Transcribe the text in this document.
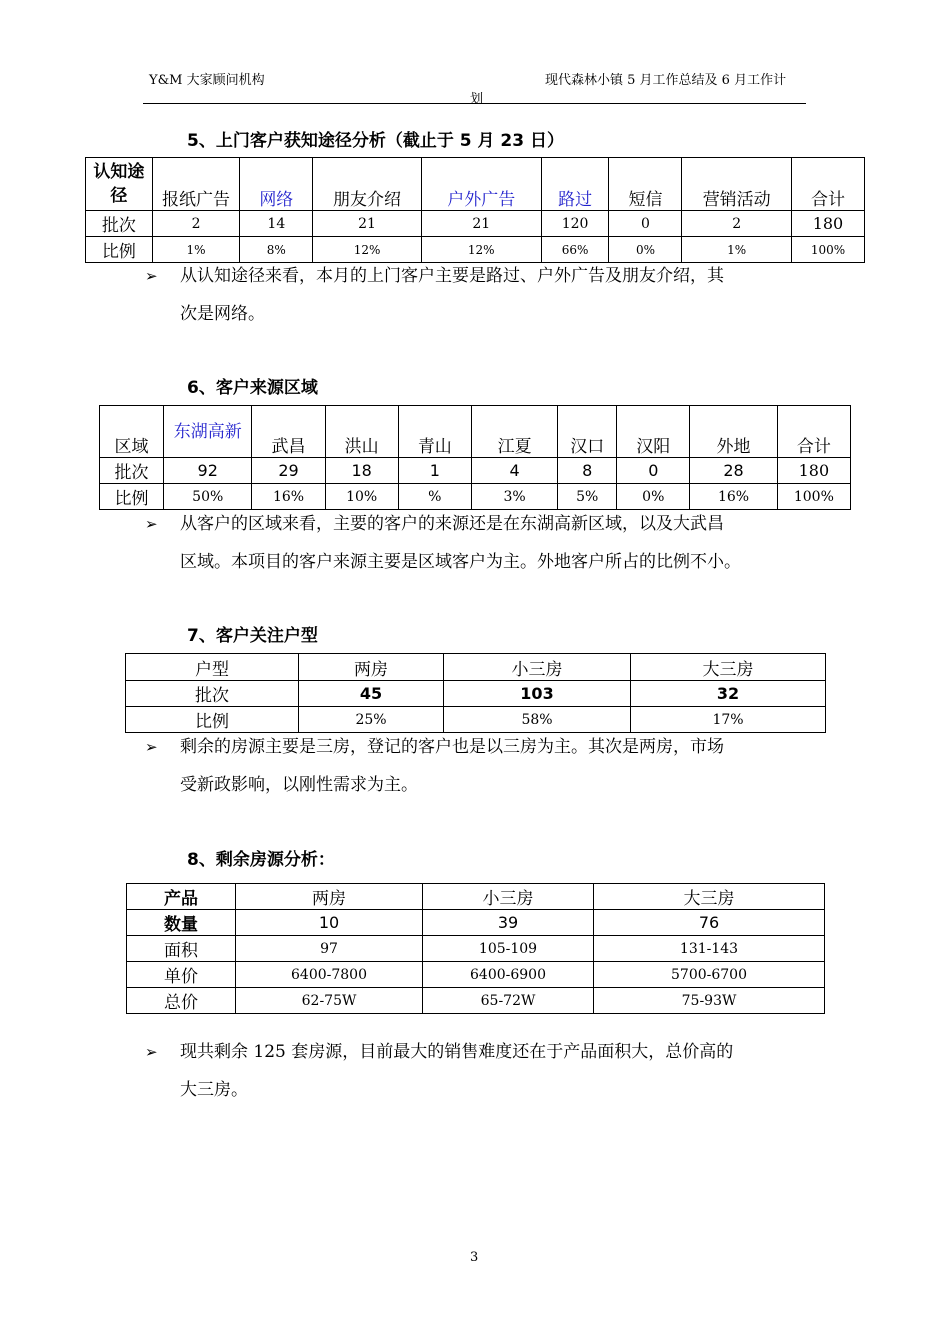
Y&M 大家顾问机构	现代森林小镇 5 月工作总结及 6 月工作计
划
5、上门客户获知途径分析（截止于 5 月 23 日）
认知途径	报纸广告	网络	朋友介绍	户外广告	路过	短信	营销活动	合计
批次	2	14	21	21	120	0	2	180
比例	1%	8%	12%	12%	66%	0%	1%	100%
➢ 从认知途径来看，本月的上门客户主要是路过、户外广告及朋友介绍，其
次是网络。
6、客户来源区域
区域	东湖高新	武昌	洪山	青山	江夏	汉口	汉阳	外地	合计
批次	92	29	18	1	4	8	0	28	180
比例	50%	16%	10%	%	3%	5%	0%	16%	100%
➢ 从客户的区域来看，主要的客户的来源还是在东湖高新区域，以及大武昌
区域。本项目的客户来源主要是区域客户为主。外地客户所占的比例不小。
7、客户关注户型
户型	两房	小三房	大三房
批次	45	103	32
比例	25%	58%	17%
➢ 剩余的房源主要是三房，登记的客户也是以三房为主。其次是两房，市场
受新政影响，以刚性需求为主。
8、剩余房源分析：
产品	两房	小三房	大三房
数量	10	39	76
面积	97	105-109	131-143
单价	6400-7800	6400-6900	5700-6700
总价	62-75W	65-72W	75-93W
➢ 现共剩余 125 套房源，目前最大的销售难度还在于产品面积大，总价高的
大三房。
3
